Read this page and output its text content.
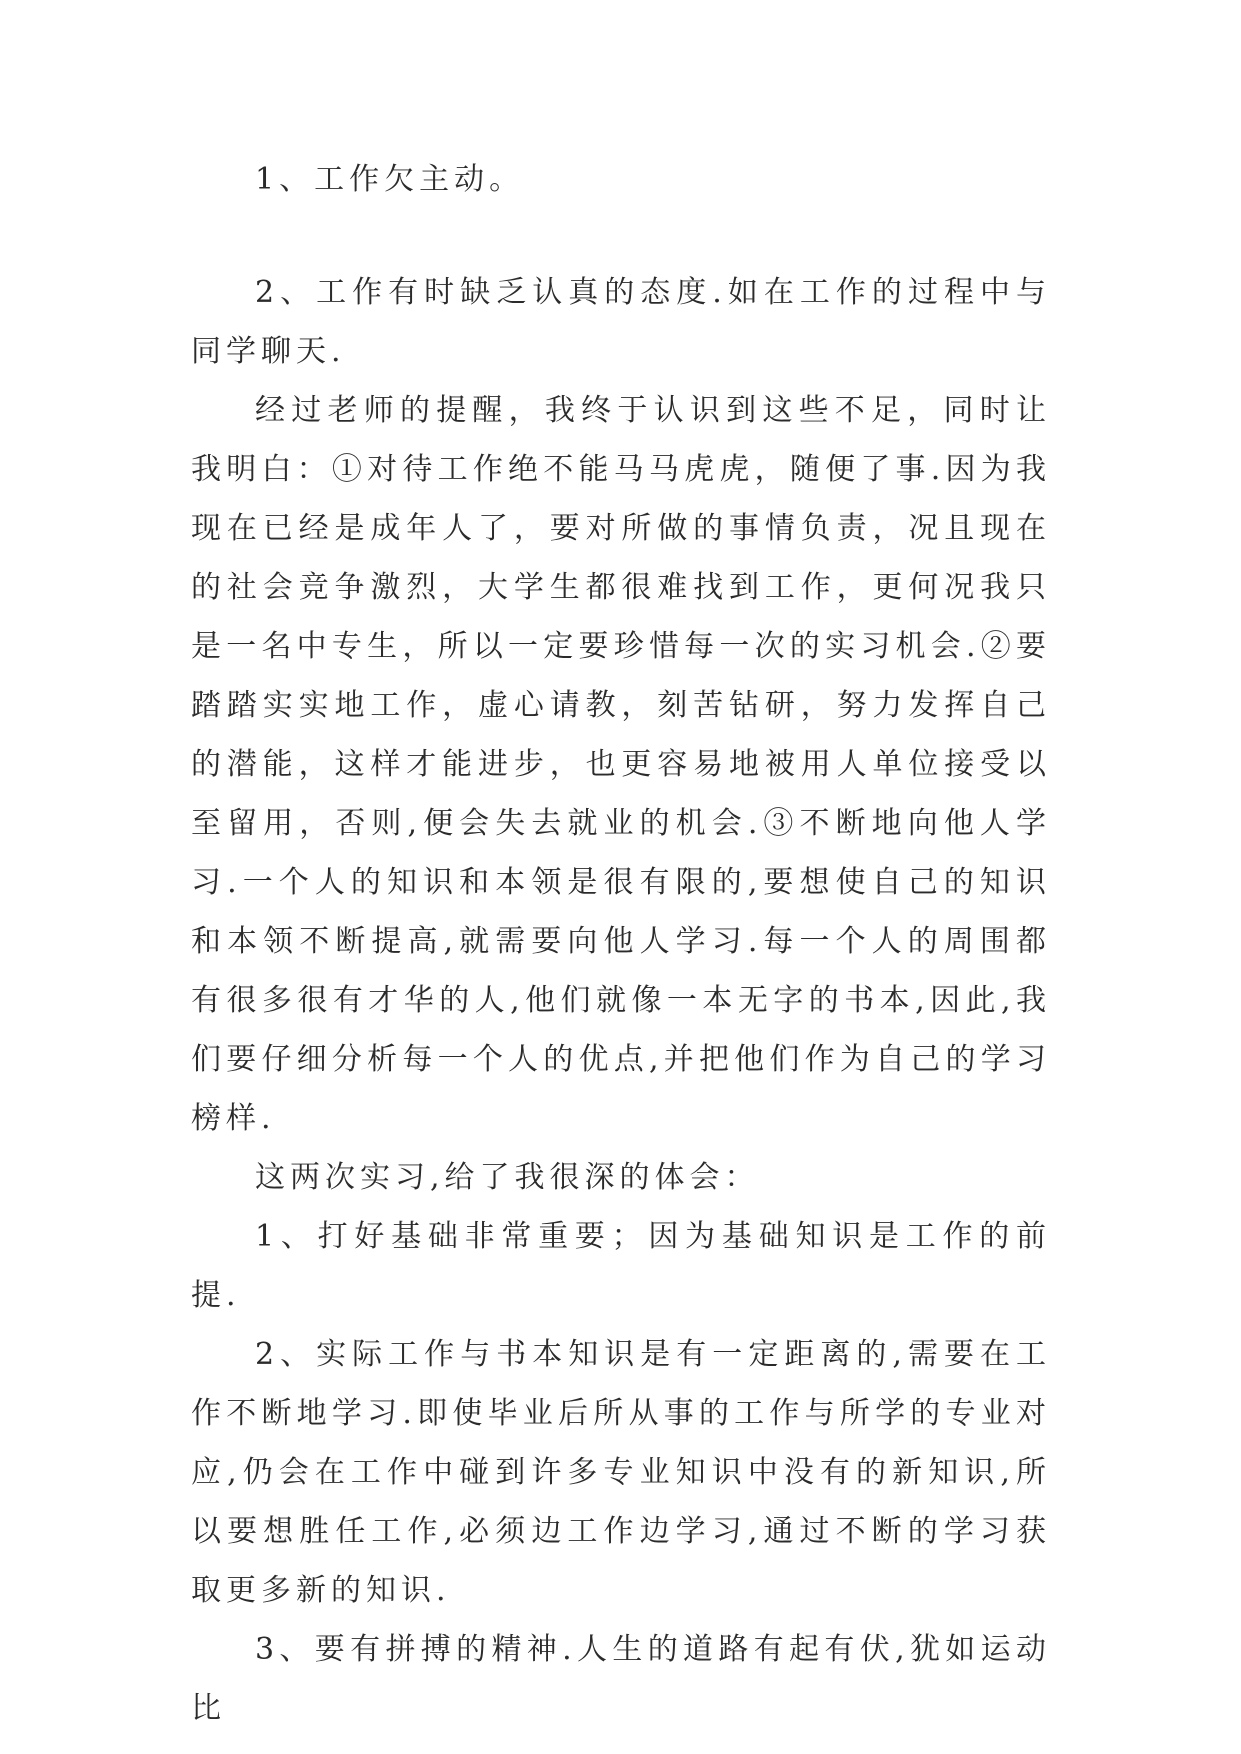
1、工作欠主动。

2、工作有时缺乏认真的态度.如在工作的过程中与同学聊天.

经过老师的提醒，我终于认识到这些不足，同时让我明白：①对待工作绝不能马马虎虎，随便了事.因为我现在已经是成年人了，要对所做的事情负责，况且现在的社会竞争激烈，大学生都很难找到工作，更何况我只是一名中专生，所以一定要珍惜每一次的实习机会.②要踏踏实实地工作，虚心请教，刻苦钻研，努力发挥自己的潜能，这样才能进步，也更容易地被用人单位接受以至留用，否则,便会失去就业的机会.③不断地向他人学习.一个人的知识和本领是很有限的,要想使自己的知识和本领不断提高,就需要向他人学习.每一个人的周围都有很多很有才华的人,他们就像一本无字的书本,因此,我们要仔细分析每一个人的优点,并把他们作为自己的学习榜样.

这两次实习,给了我很深的体会：

1、打好基础非常重要；因为基础知识是工作的前提.

2、实际工作与书本知识是有一定距离的,需要在工作不断地学习.即使毕业后所从事的工作与所学的专业对应,仍会在工作中碰到许多专业知识中没有的新知识,所以要想胜任工作,必须边工作边学习,通过不断的学习获取更多新的知识.

3、要有拼搏的精神.人生的道路有起有伏,犹如运动比
